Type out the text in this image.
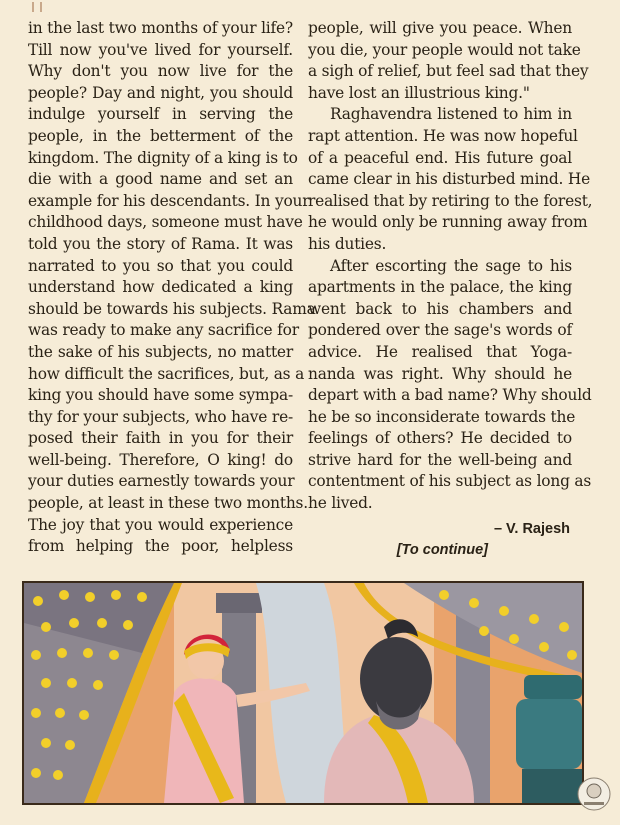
in the last two months of your life?
Till now you've lived for yourself.
Why don't you now live for the
people? Day and night, you should
indulge yourself in serving the
people, in the betterment of the
kingdom. The dignity of a king is to
die with a good name and set an
example for his descendants. In your
childhood days, someone must have
told you the story of Rama. It was
narrated to you so that you could
understand how dedicated a king
should be towards his subjects. Rama
was ready to make any sacrifice for
the sake of his subjects, no matter
how difficult the sacrifices, but, as a
king you should have some sympa-
thy for your subjects, who have re-
posed their faith in you for their
well-being. Therefore, O king! do
your duties earnestly towards your
people, at least in these two months.
The joy that you would experience
from helping the poor, helpless
people, will give you peace. When
you die, your people would not take
a sigh of relief, but feel sad that they
have lost an illustrious king."
Raghavendra listened to him in
rapt attention. He was now hopeful
of a peaceful end. His future goal
came clear in his disturbed mind. He
realised that by retiring to the forest,
he would only be running away from
his duties.
After escorting the sage to his
apartments in the palace, the king
went back to his chambers and
pondered over the sage's words of
advice. He realised that Yoga-
nanda was right. Why should he
depart with a bad name? Why should
he be so inconsiderate towards the
feelings of others? He decided to
strive hard for the well-being and
contentment of his subject as long as
he lived.
– V. Rajesh
[To continue]
